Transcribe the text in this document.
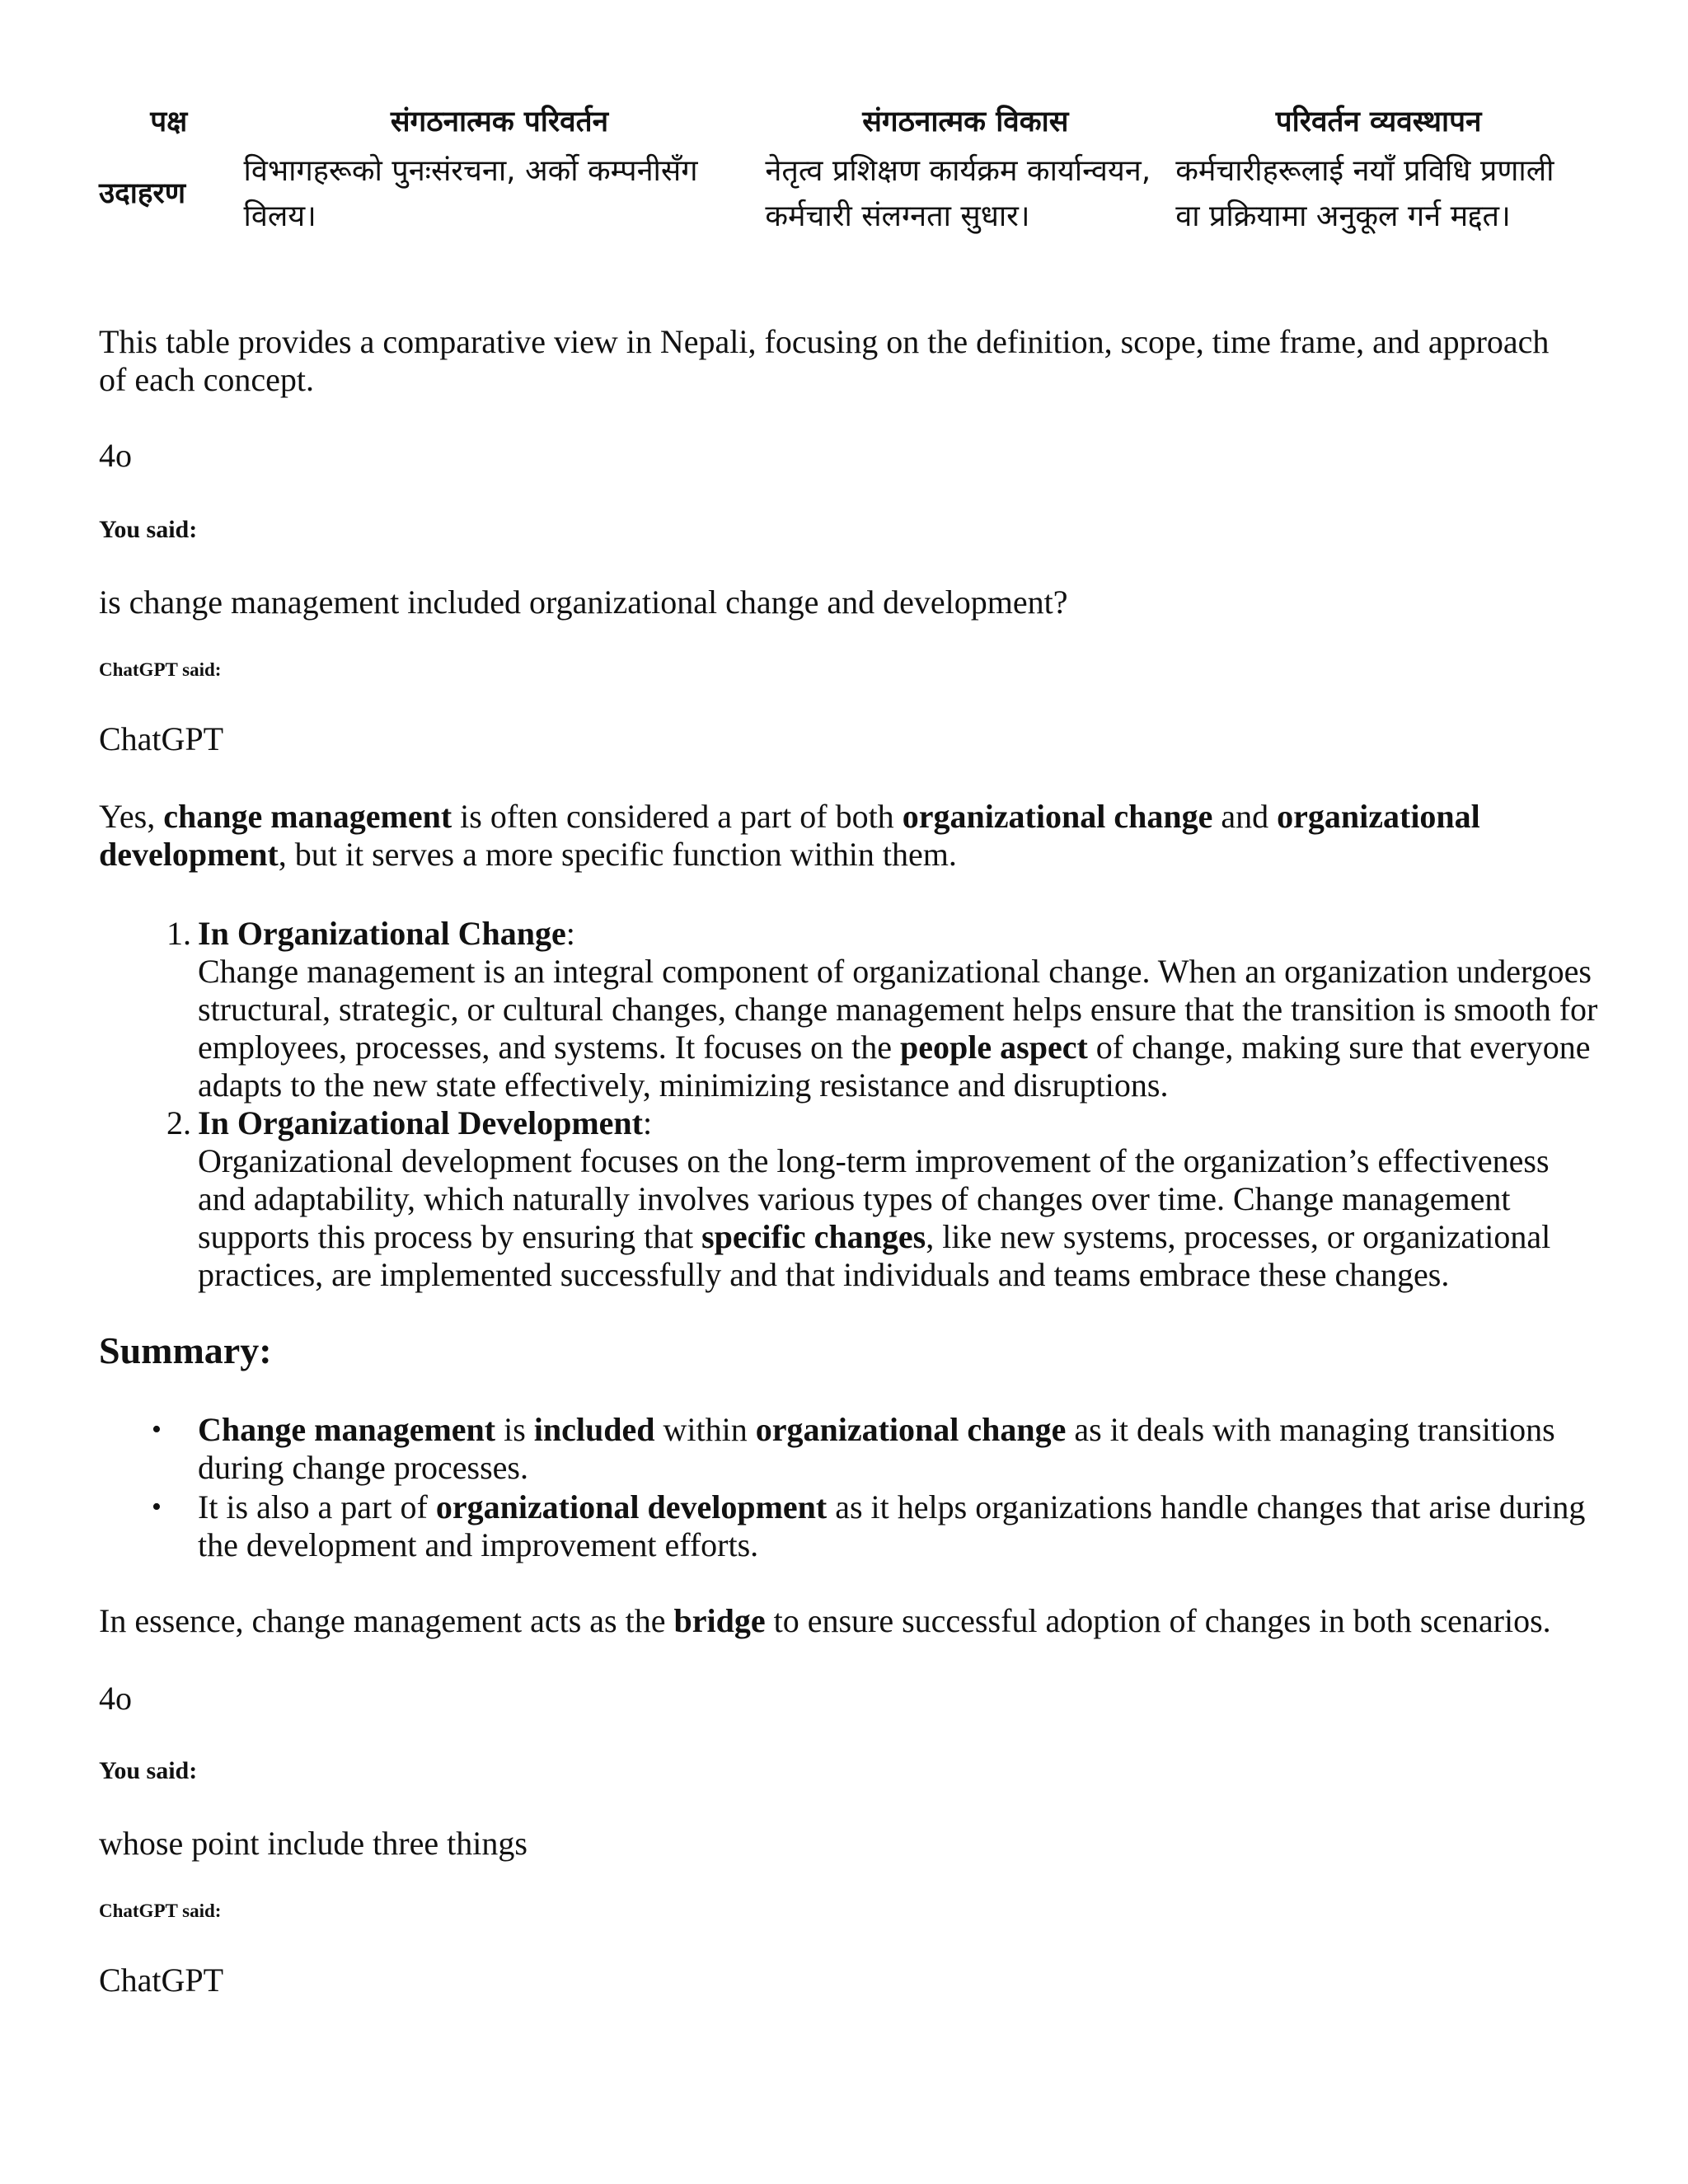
पक्ष	संगठनात्मक परिवर्तन	संगठनात्मक विकास	परिवर्तन व्यवस्थापन
उदाहरण	विभागहरूको पुनःसंरचना, अर्को कम्पनीसँग विलय।	नेतृत्व प्रशिक्षण कार्यक्रम कार्यान्वयन, कर्मचारी संलग्नता सुधार।	कर्मचारीहरूलाई नयाँ प्रविधि प्रणाली वा प्रक्रियामा अनुकूल गर्न मद्दत।
This table provides a comparative view in Nepali, focusing on the definition, scope, time frame, and approach of each concept.
4o
You said:
is change management included organizational change and development?
ChatGPT said:
ChatGPT
Yes, change management is often considered a part of both organizational change and organizational development, but it serves a more specific function within them.
1. In Organizational Change:
Change management is an integral component of organizational change. When an organization undergoes structural, strategic, or cultural changes, change management helps ensure that the transition is smooth for employees, processes, and systems. It focuses on the people aspect of change, making sure that everyone adapts to the new state effectively, minimizing resistance and disruptions.
2. In Organizational Development:
Organizational development focuses on the long-term improvement of the organization’s effectiveness and adaptability, which naturally involves various types of changes over time. Change management supports this process by ensuring that specific changes, like new systems, processes, or organizational practices, are implemented successfully and that individuals and teams embrace these changes.
Summary:
• Change management is included within organizational change as it deals with managing transitions during change processes.
• It is also a part of organizational development as it helps organizations handle changes that arise during the development and improvement efforts.
In essence, change management acts as the bridge to ensure successful adoption of changes in both scenarios.
4o
You said:
whose point include three things
ChatGPT said:
ChatGPT
